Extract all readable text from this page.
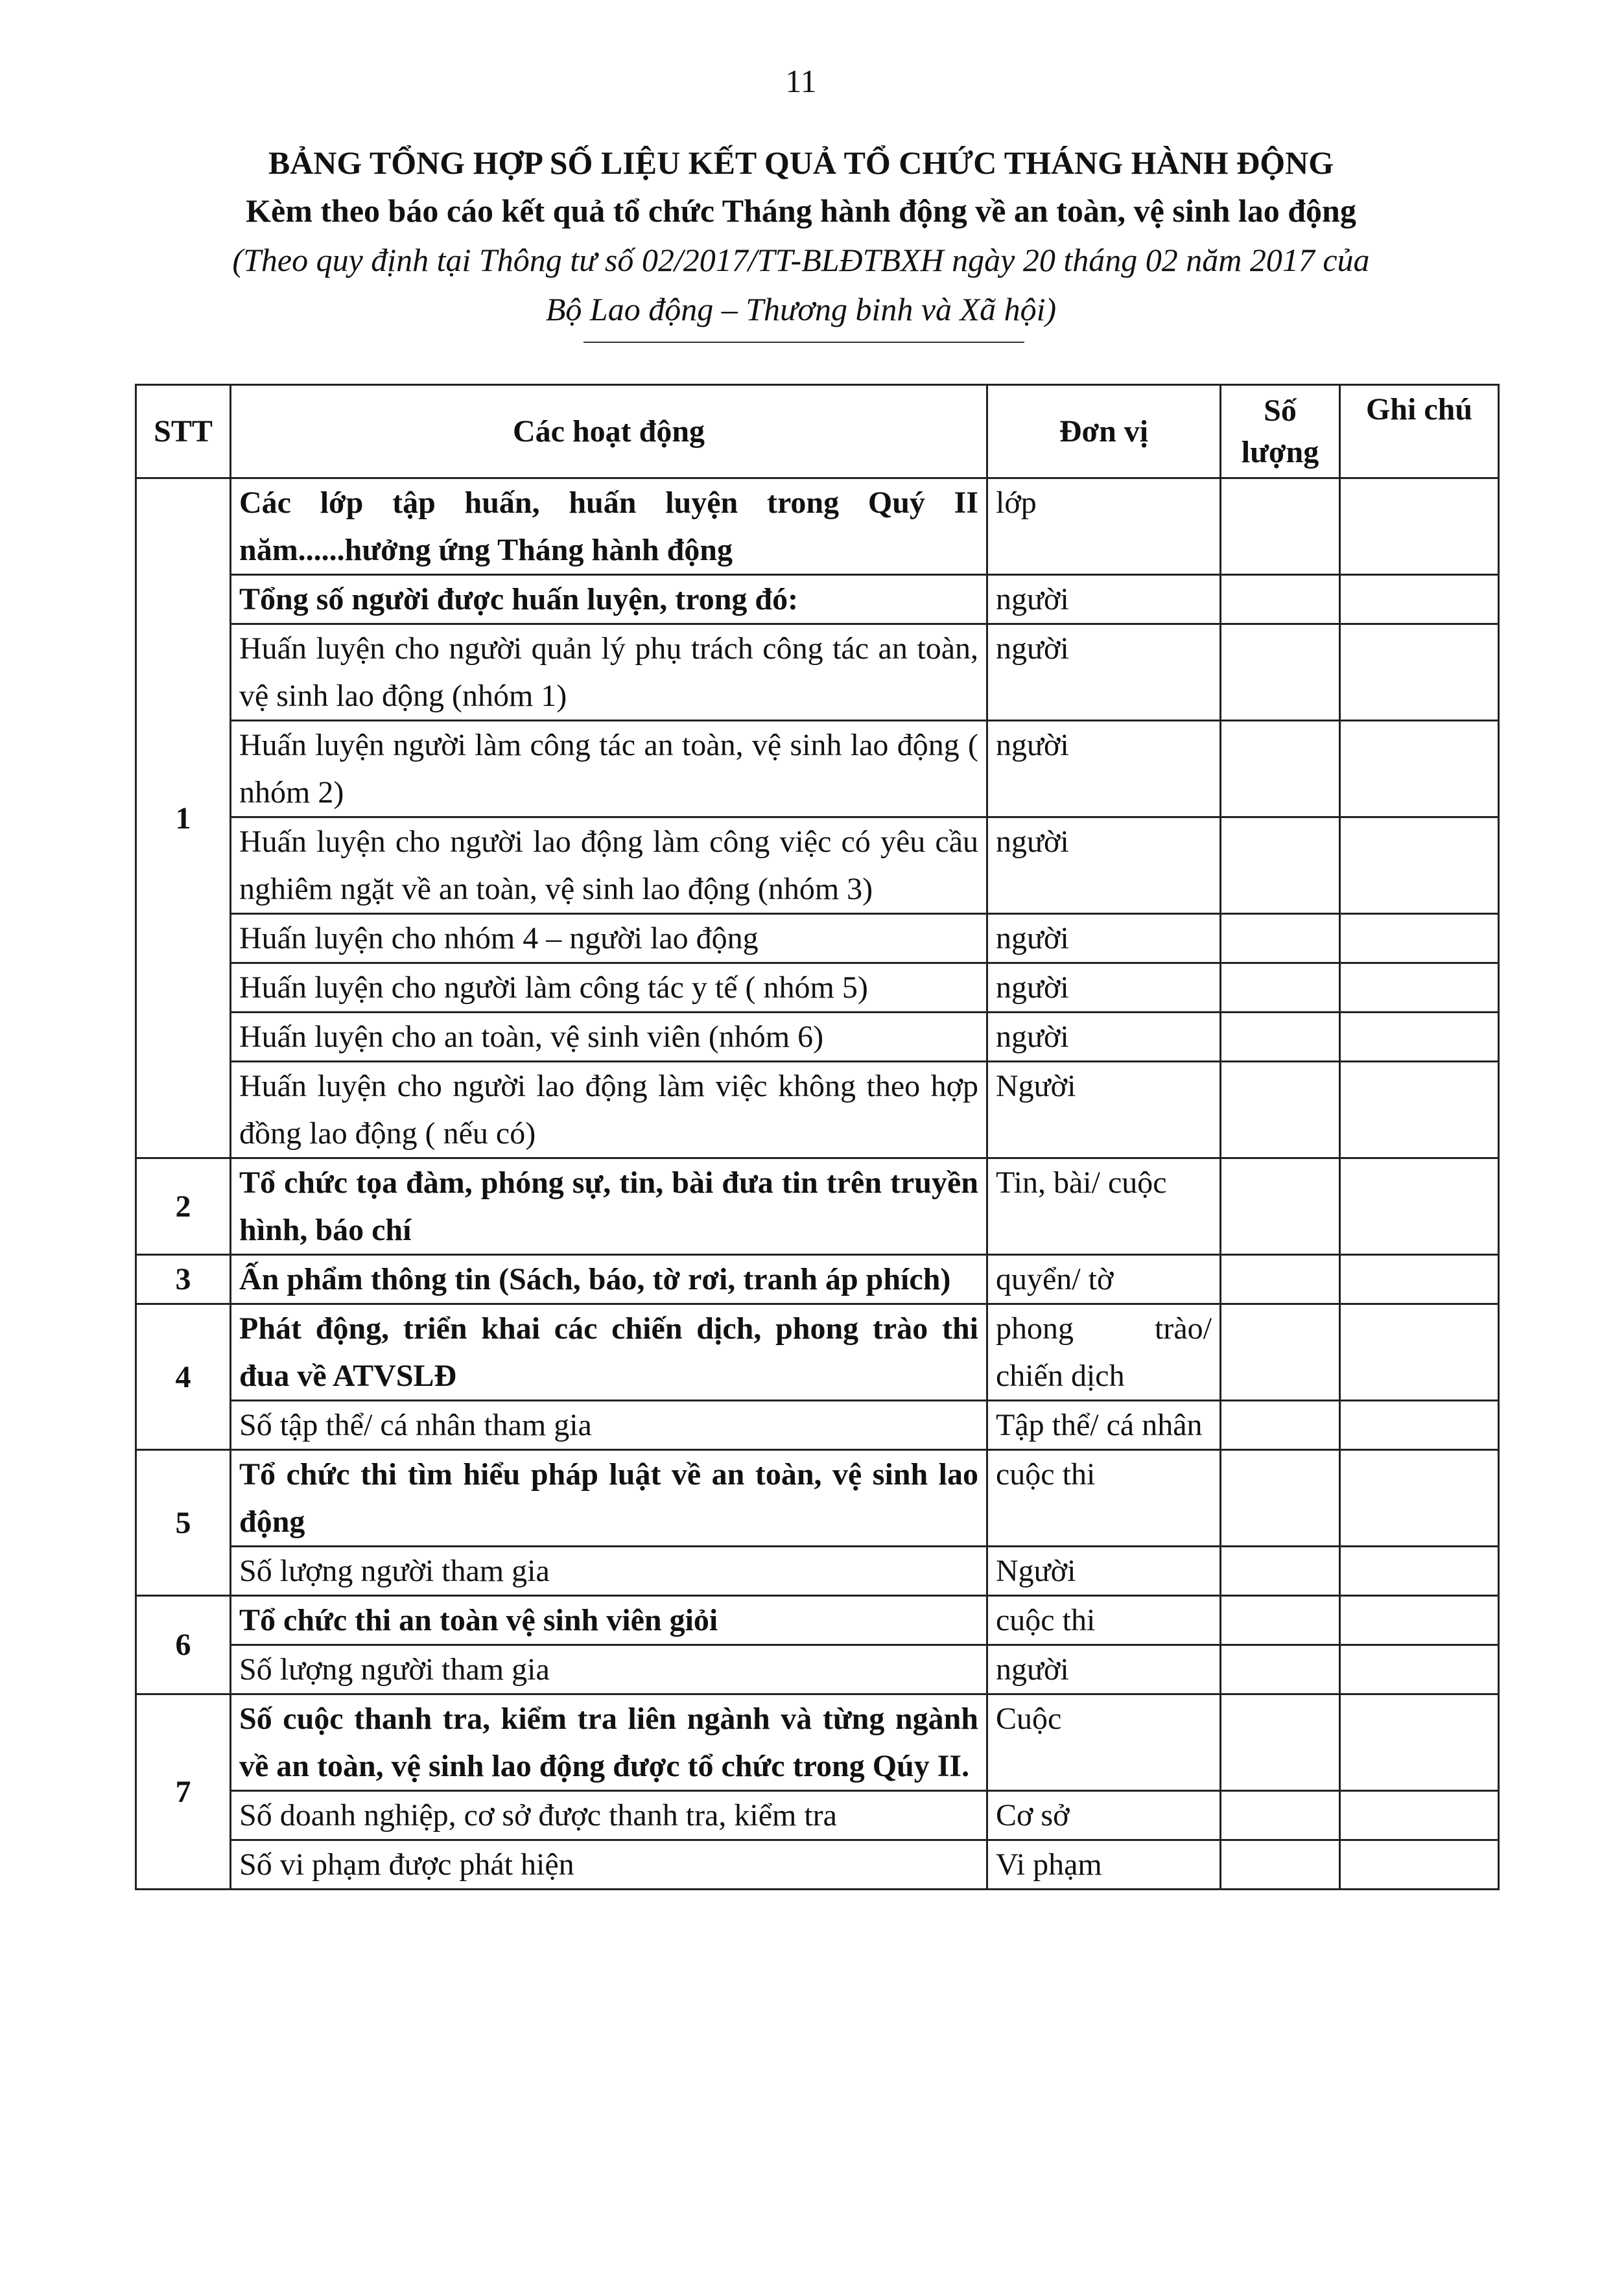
11
BẢNG TỔNG HỢP SỐ LIỆU KẾT QUẢ TỔ CHỨC THÁNG HÀNH ĐỘNG
Kèm theo báo cáo kết quả tổ chức Tháng hành động về an toàn, vệ sinh lao động
(Theo quy định tại Thông tư số 02/2017/TT-BLĐTBXH ngày 20 tháng 02 năm 2017 của
Bộ Lao động – Thương binh và Xã hội)
STT	Các hoạt động	Đơn vị	Số lượng	Ghi chú
1	Các lớp tập huấn, huấn luyện trong Quý II năm......hưởng ứng Tháng hành động	lớp		
	Tổng số người được huấn luyện, trong đó:	người		
	Huấn luyện cho người quản lý phụ trách công tác an toàn, vệ sinh lao động (nhóm 1)	người		
	Huấn luyện người làm công tác an toàn, vệ sinh lao động ( nhóm 2)	người		
	Huấn luyện cho người lao động làm công việc có yêu cầu nghiêm ngặt về an toàn, vệ sinh lao động (nhóm 3)	người		
	Huấn luyện cho nhóm 4 – người lao động	người		
	Huấn luyện cho người làm công tác y tế ( nhóm 5)	người		
	Huấn luyện cho an toàn, vệ sinh viên (nhóm 6)	người		
	Huấn luyện cho người lao động làm việc không theo hợp đồng lao động ( nếu có)	Người		
2	Tổ chức tọa đàm, phóng sự, tin, bài đưa tin trên truyền hình, báo chí	Tin, bài/ cuộc		
3	Ấn phẩm thông tin (Sách, báo, tờ rơi, tranh áp phích)	quyển/ tờ		
4	Phát động, triển khai các chiến dịch, phong trào thi đua về ATVSLĐ	phong trào/ chiến dịch		
	Số tập thể/ cá nhân tham gia	Tập thể/ cá nhân		
5	Tổ chức thi tìm hiểu pháp luật về an toàn, vệ sinh lao động	cuộc thi		
	Số lượng người tham gia	Người		
6	Tổ chức thi an toàn vệ sinh viên giỏi	cuộc thi		
	Số lượng người tham gia	người		
7	Số cuộc thanh tra, kiểm tra liên ngành và từng ngành về an toàn, vệ sinh lao động được tổ chức trong Qúy II.	Cuộc		
	Số doanh nghiệp, cơ sở được thanh tra, kiểm tra	Cơ sở		
	Số vi phạm được phát hiện	Vi phạm		
